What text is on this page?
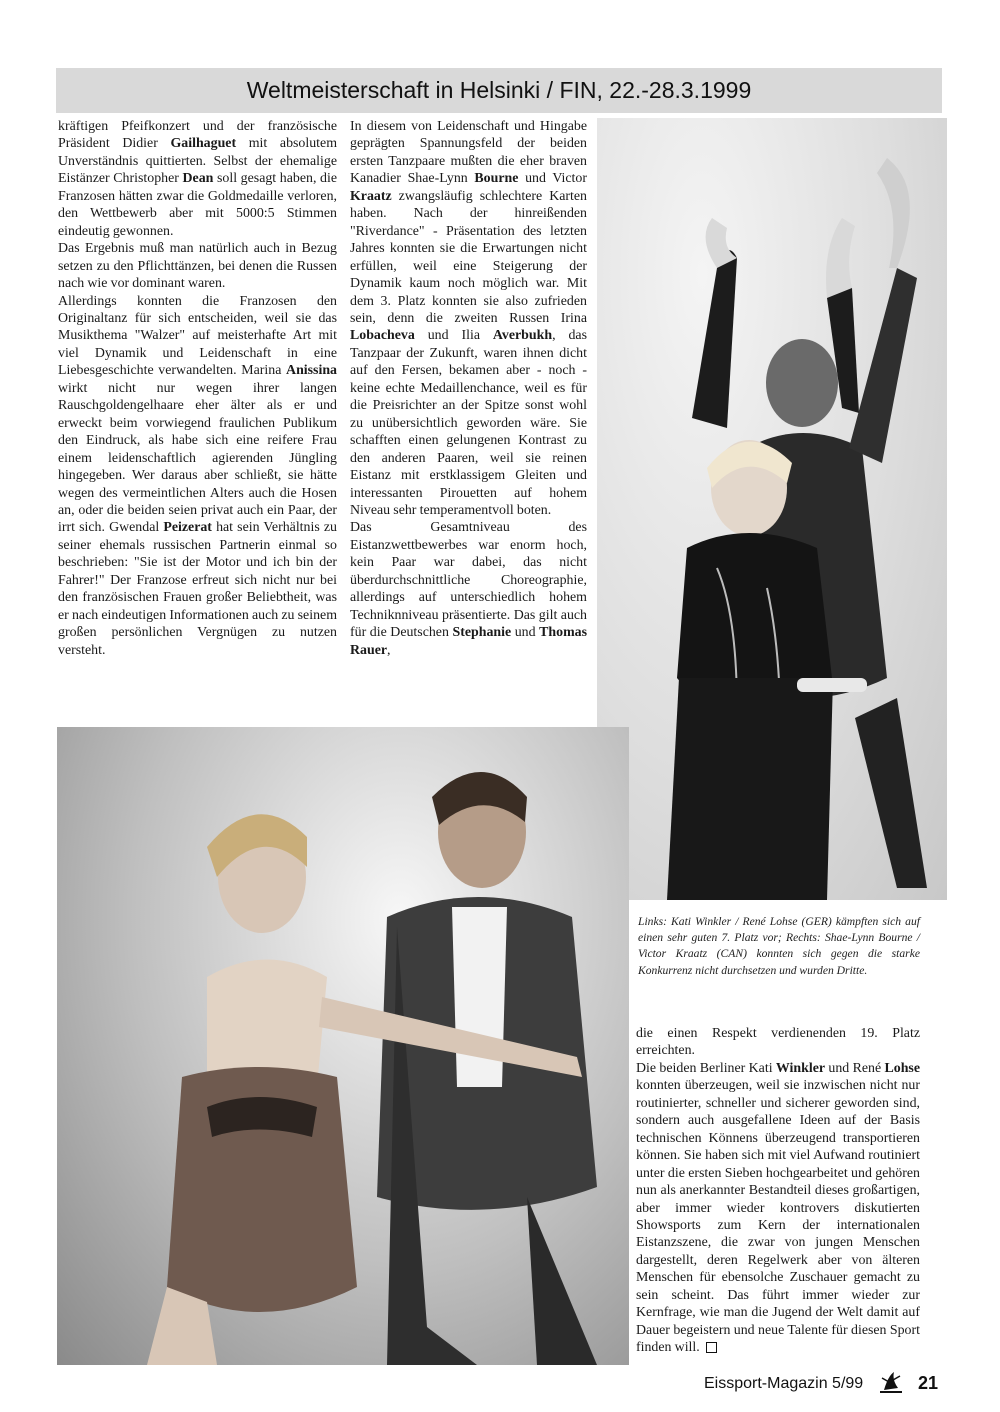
Weltmeisterschaft in Helsinki / FIN, 22.-28.3.1999

kräftigen Pfeifkonzert und der französische Präsident Didier Gailhaguet mit absolutem Unverständnis quittierten. Selbst der ehemalige Eistänzer Christopher Dean soll gesagt haben, die Franzosen hätten zwar die Goldmedaille verloren, den Wettbewerb aber mit 5000:5 Stimmen eindeutig gewonnen.

Das Ergebnis muß man natürlich auch in Bezug setzen zu den Pflichttänzen, bei denen die Russen nach wie vor dominant waren.

Allerdings konnten die Franzosen den Originaltanz für sich entscheiden, weil sie das Musikthema "Walzer" auf meisterhafte Art mit viel Dynamik und Leidenschaft in eine Liebesgeschichte verwandelten. Marina Anissina wirkt nicht nur wegen ihrer langen Rauschgoldengelhaare eher älter als er und erweckt beim vorwiegend fraulichen Publikum den Eindruck, als habe sich eine reifere Frau einem leidenschaftlich agierenden Jüngling hingegeben. Wer daraus aber schließt, sie hätte wegen des vermeintlichen Alters auch die Hosen an, oder die beiden seien privat auch ein Paar, der irrt sich. Gwendal Peizerat hat sein Verhältnis zu seiner ehemals russischen Partnerin einmal so beschrieben: "Sie ist der Motor und ich bin der Fahrer!" Der Franzose erfreut sich nicht nur bei den französischen Frauen großer Beliebtheit, was er nach eindeutigen Informationen auch zu seinem großen persönlichen Vergnügen zu nutzen versteht.

In diesem von Leidenschaft und Hingabe geprägten Spannungsfeld der beiden ersten Tanzpaare mußten die eher braven Kanadier Shae-Lynn Bourne und Victor Kraatz zwangsläufig schlechtere Karten haben. Nach der hinreißenden "Riverdance" - Präsentation des letzten Jahres konnten sie die Erwartungen nicht erfüllen, weil eine Steigerung der Dynamik kaum noch möglich war. Mit dem 3. Platz konnten sie also zufrieden sein, denn die zweiten Russen Irina Lobacheva und Ilia Averbukh, das Tanzpaar der Zukunft, waren ihnen dicht auf den Fersen, bekamen aber - noch - keine echte Medaillenchance, weil es für die Preisrichter an der Spitze sonst wohl zu unübersichtlich geworden wäre. Sie schafften einen gelungenen Kontrast zu den anderen Paaren, weil sie reinen Eistanz mit erstklassigem Gleiten und interessanten Pirouetten auf hohem Niveau sehr temperamentvoll boten.

Das Gesamtniveau des Eistanzwettbewerbes war enorm hoch, kein Paar war dabei, das nicht überdurchschnittliche Choreographie, allerdings auf unterschiedlich hohem Techniknniveau präsentierte. Das gilt auch für die Deutschen Stephanie und Thomas Rauer,

Links: Kati Winkler / René Lohse (GER) kämpften sich auf einen sehr guten 7. Platz vor; Rechts: Shae-Lynn Bourne / Victor Kraatz (CAN) konnten sich gegen die starke Konkurrenz nicht durchsetzen und wurden Dritte.

die einen Respekt verdienenden 19. Platz erreichten.

Die beiden Berliner Kati Winkler und René Lohse konnten überzeugen, weil sie inzwischen nicht nur routinierter, schneller und sicherer geworden sind, sondern auch ausgefallene Ideen auf der Basis technischen Könnens überzeugend transportieren können. Sie haben sich mit viel Aufwand routiniert unter die ersten Sieben hochgearbeitet und gehören nun als anerkannter Bestandteil dieses großartigen, aber immer wieder kontrovers diskutierten Showsports zum Kern der internationalen Eistanzszene, die zwar von jungen Menschen dargestellt, deren Regelwerk aber von älteren Menschen für ebensolche Zuschauer gemacht zu sein scheint. Das führt immer wieder zur Kernfrage, wie man die Jugend der Welt damit auf Dauer begeistern und neue Talente für diesen Sport finden will.

Eissport-Magazin 5/99	21
